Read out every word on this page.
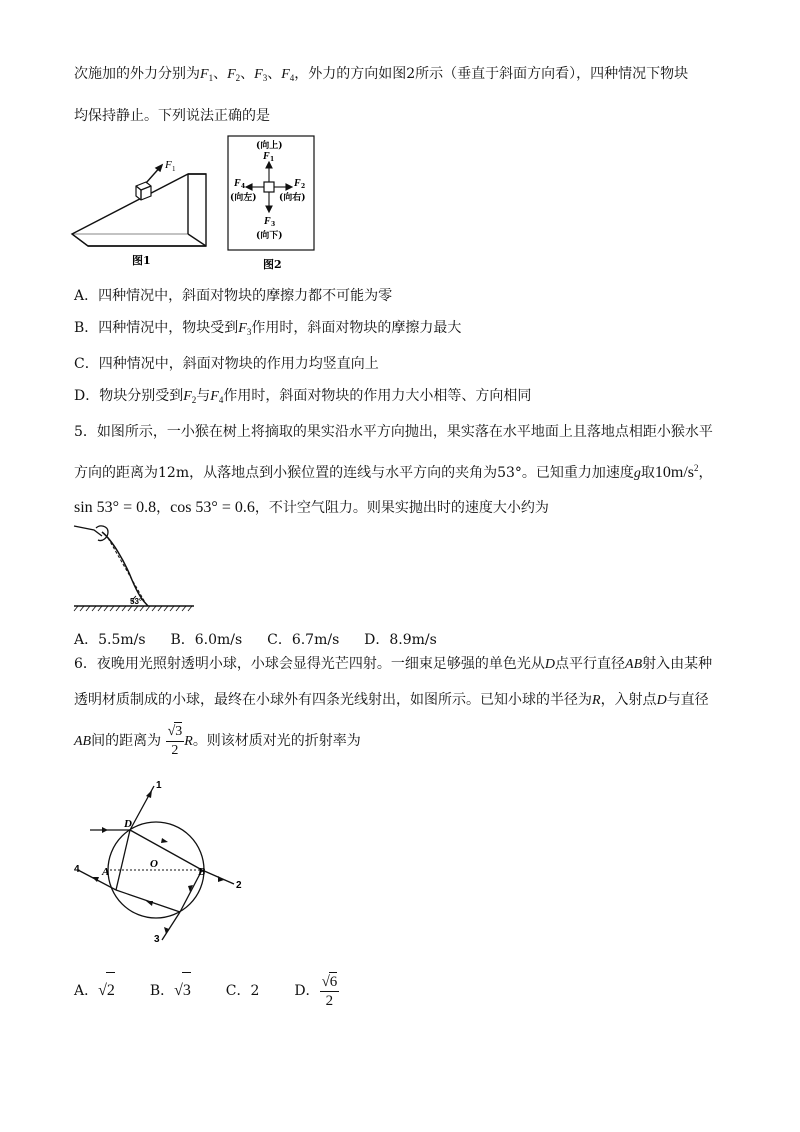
次施加的外力分别为$F_1$、$F_2$、$F_3$、$F_4$，外力的方向如图2所示（垂直于斜面方向看），四种情况下物块
均保持静止。下列说法正确的是
F 1
图1
(向上)
F 1
F 4
(向左)
F 2
(向右)
F 3
(向下)
图2
A．四种情况中，斜面对物块的摩擦力都不可能为零
B．四种情况中，物块受到$F_3$作用时，斜面对物块的摩擦力最大
C．四种情况中，斜面对物块的作用力均竖直向上
D．物块分别受到$F_2$与$F_4$作用时，斜面对物块的作用力大小相等、方向相同
5．如图所示，一小猴在树上将摘取的果实沿水平方向抛出，果实落在水平地面上且落地点相距小猴水平
方向的距离为12m，从落地点到小猴位置的连线与水平方向的夹角为53°。已知重力加速度g取$10m/s^2$，
sin 53° = 0.8，cos 53° = 0.6，不计空气阻力。则果实抛出时的速度大小约为
53°
A．5.5m/s B．6.0m/s C．6.7m/s D．8.9m/s
6．夜晚用光照射透明小球，小球会显得光芒四射。一细束足够强的单色光从D点平行直径AB射入由某种
透明材质制成的小球，最终在小球外有四条光线射出，如图所示。已知小球的半径为R，入射点D与直径
AB间的距离为 $\frac{√3}{2}$ R。则该材质对光的折射率为
D
A
O
B
1
2
3
4
A．√2 B．√3 C．2 D． $\frac{√6}{2}$
